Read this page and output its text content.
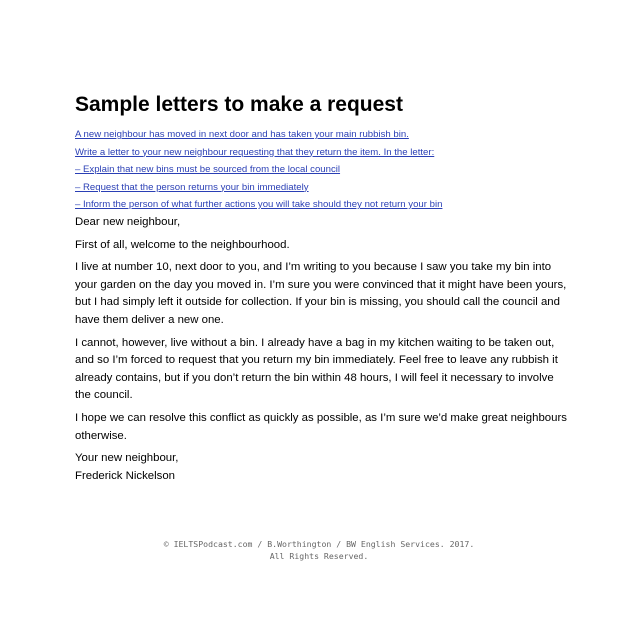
Sample letters to make a request
A new neighbour has moved in next door and has taken your main rubbish bin.
Write a letter to your new neighbour requesting that they return the item. In the letter:
– Explain that new bins must be sourced from the local council
– Request that the person returns your bin immediately
– Inform the person of what further actions you will take should they not return your bin

Dear new neighbour,

First of all, welcome to the neighbourhood.

I live at number 10, next door to you, and I’m writing to you because I saw you take my bin into your garden on the day you moved in. I’m sure you were convinced that it might have been yours, but I had simply left it outside for collection. If your bin is missing, you should call the council and have them deliver a new one.

I cannot, however, live without a bin. I already have a bag in my kitchen waiting to be taken out, and so I’m forced to request that you return my bin immediately. Feel free to leave any rubbish it already contains, but if you don’t return the bin within 48 hours, I will feel it necessary to involve the council.

I hope we can resolve this conflict as quickly as possible, as I’m sure we’d make great neighbours otherwise.

Your new neighbour,

Frederick Nickelson

© IELTSPodcast.com / B.Worthington / BW English Services. 2017.
All Rights Reserved.
